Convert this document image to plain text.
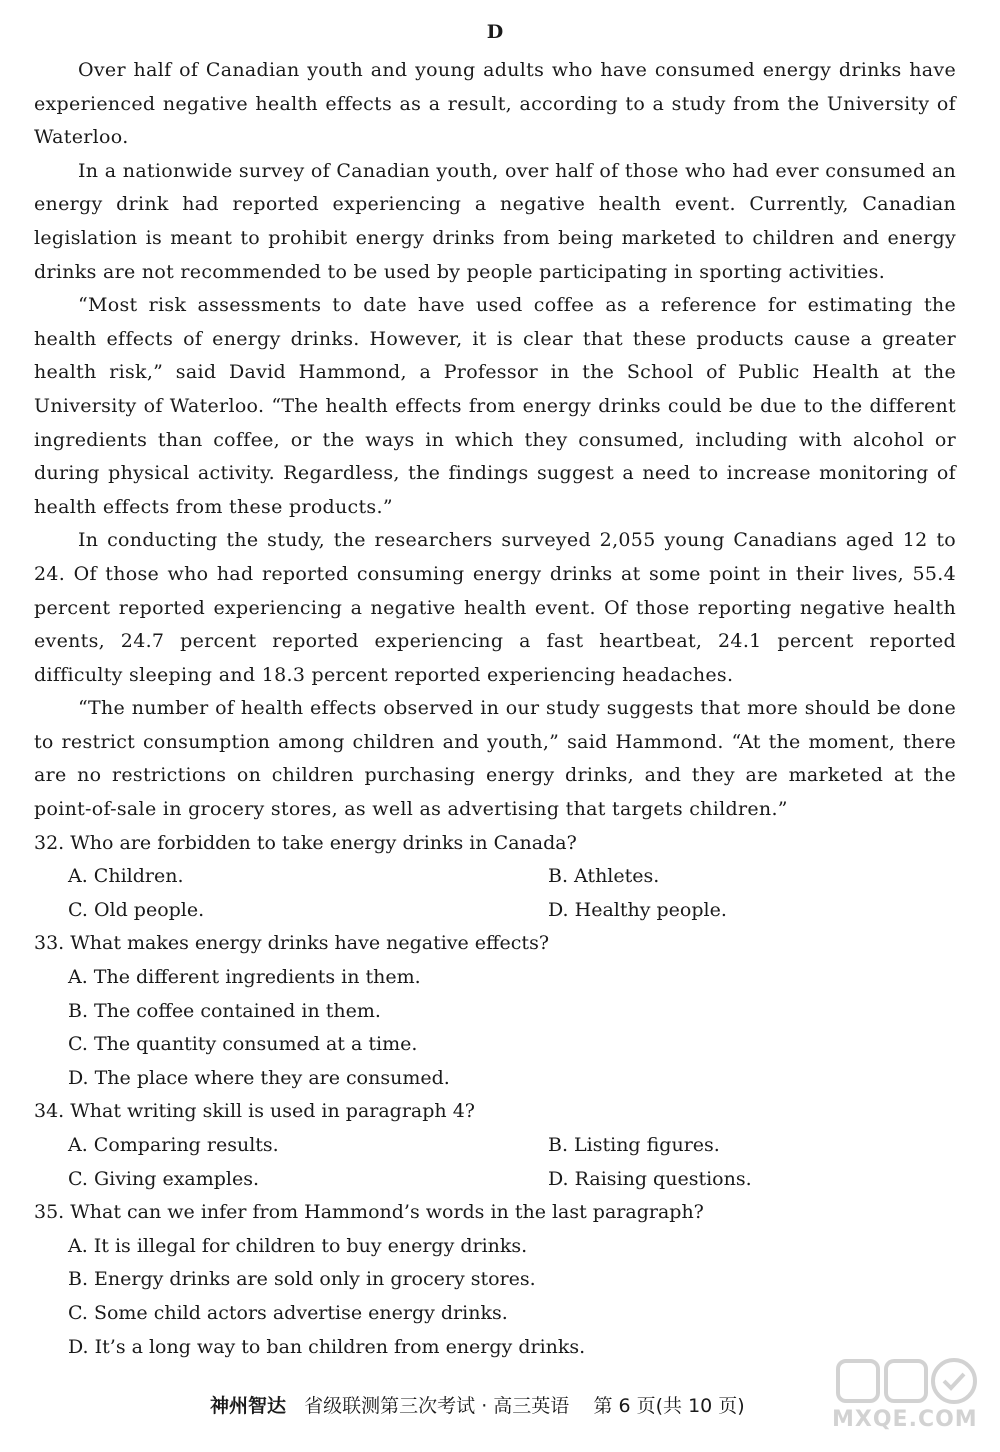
D

Over half of Canadian youth and young adults who have consumed energy drinks have experienced negative health effects as a result, according to a study from the University of Waterloo.

In a nationwide survey of Canadian youth, over half of those who had ever consumed an energy drink had reported experiencing a negative health event. Currently, Canadian legislation is meant to prohibit energy drinks from being marketed to children and energy drinks are not recommended to be used by people participating in sporting activities.

“Most risk assessments to date have used coffee as a reference for estimating the health effects of energy drinks. However, it is clear that these products cause a greater health risk,” said David Hammond, a Professor in the School of Public Health at the University of Waterloo. “The health effects from energy drinks could be due to the different ingredients than coffee, or the ways in which they consumed, including with alcohol or during physical activity. Regardless, the findings suggest a need to increase monitoring of health effects from these products.”

In conducting the study, the researchers surveyed 2,055 young Canadians aged 12 to 24. Of those who had reported consuming energy drinks at some point in their lives, 55.4 percent reported experiencing a negative health event. Of those reporting negative health events, 24.7 percent reported experiencing a fast heartbeat, 24.1 percent reported difficulty sleeping and 18.3 percent reported experiencing headaches.

“The number of health effects observed in our study suggests that more should be done to restrict consumption among children and youth,” said Hammond. “At the moment, there are no restrictions on children purchasing energy drinks, and they are marketed at the point-of-sale in grocery stores, as well as advertising that targets children.”

32. Who are forbidden to take energy drinks in Canada?

A. Children.	B. Athletes.

C. Old people.	D. Healthy people.

33. What makes energy drinks have negative effects?

A. The different ingredients in them.

B. The coffee contained in them.

C. The quantity consumed at a time.

D. The place where they are consumed.

34. What writing skill is used in paragraph 4?

A. Comparing results.	B. Listing figures.

C. Giving examples.	D. Raising questions.

35. What can we infer from Hammond’s words in the last paragraph?

A. It is illegal for children to buy energy drinks.

B. Energy drinks are sold only in grocery stores.

C. Some child actors advertise energy drinks.

D. It’s a long way to ban children from energy drinks.

神州智达 省级联测第三次考试 · 高三英语 第 6 页(共 10 页)
MXQE.COM
